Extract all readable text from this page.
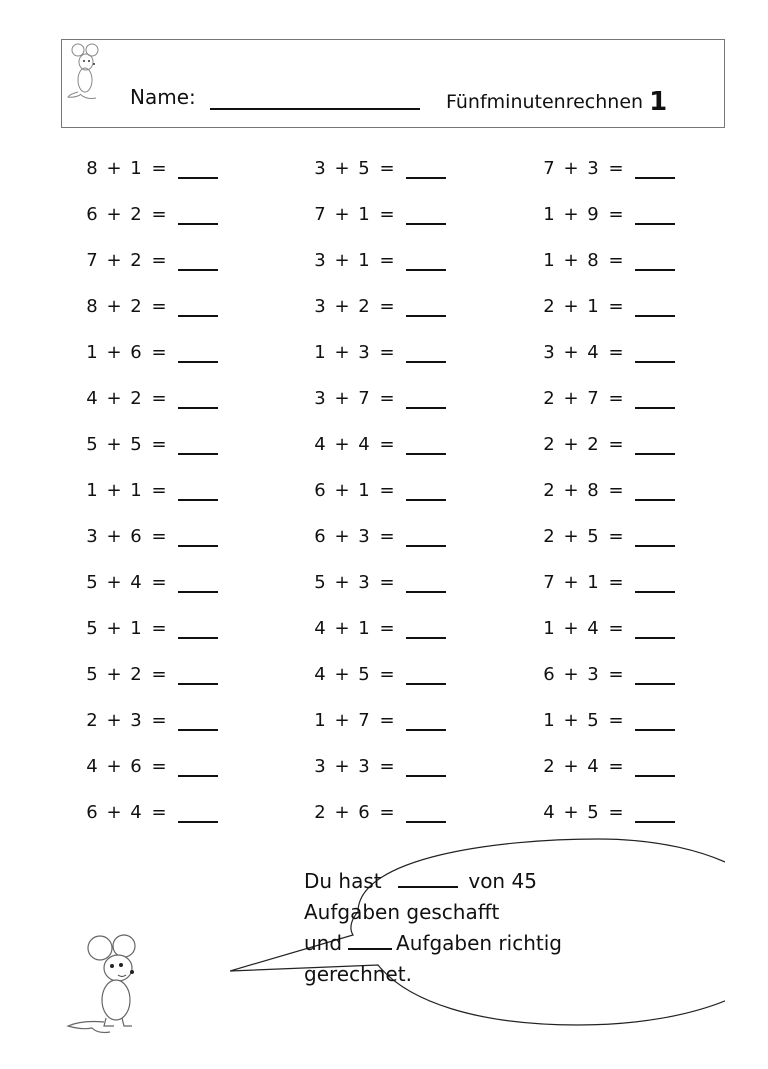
Name:	Fünfminutenrechnen 1
8 + 1 =	3 + 5 =	7 + 3 =
6 + 2 =	7 + 1 =	1 + 9 =
7 + 2 =	3 + 1 =	1 + 8 =
8 + 2 =	3 + 2 =	2 + 1 =
1 + 6 =	1 + 3 =	3 + 4 =
4 + 2 =	3 + 7 =	2 + 7 =
5 + 5 =	4 + 4 =	2 + 2 =
1 + 1 =	6 + 1 =	2 + 8 =
3 + 6 =	6 + 3 =	2 + 5 =
5 + 4 =	5 + 3 =	7 + 1 =
5 + 1 =	4 + 1 =	1 + 4 =
5 + 2 =	4 + 5 =	6 + 3 =
2 + 3 =	1 + 7 =	1 + 5 =
4 + 6 =	3 + 3 =	2 + 4 =
6 + 4 =	2 + 6 =	4 + 5 =
Du hast	von 45
Aufgaben geschafft
und	Aufgaben richtig
gerechnet.
